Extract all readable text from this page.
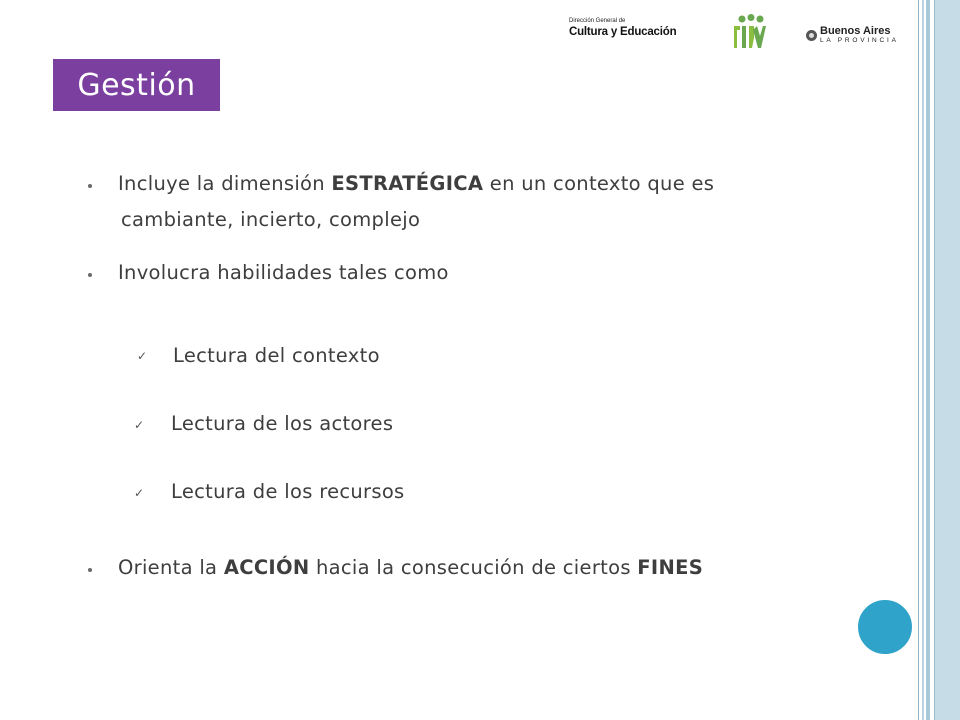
Dirección General de
Cultura y Educación	Buenos Aires
LA PROVINCIA
Gestión
Incluye la dimensión ESTRATÉGICA en un contexto que es
cambiante, incierto, complejo
Involucra habilidades tales como
✓ Lectura del contexto
✓ Lectura de los actores
✓ Lectura de los recursos
Orienta la ACCIÓN hacia la consecución de ciertos FINES
